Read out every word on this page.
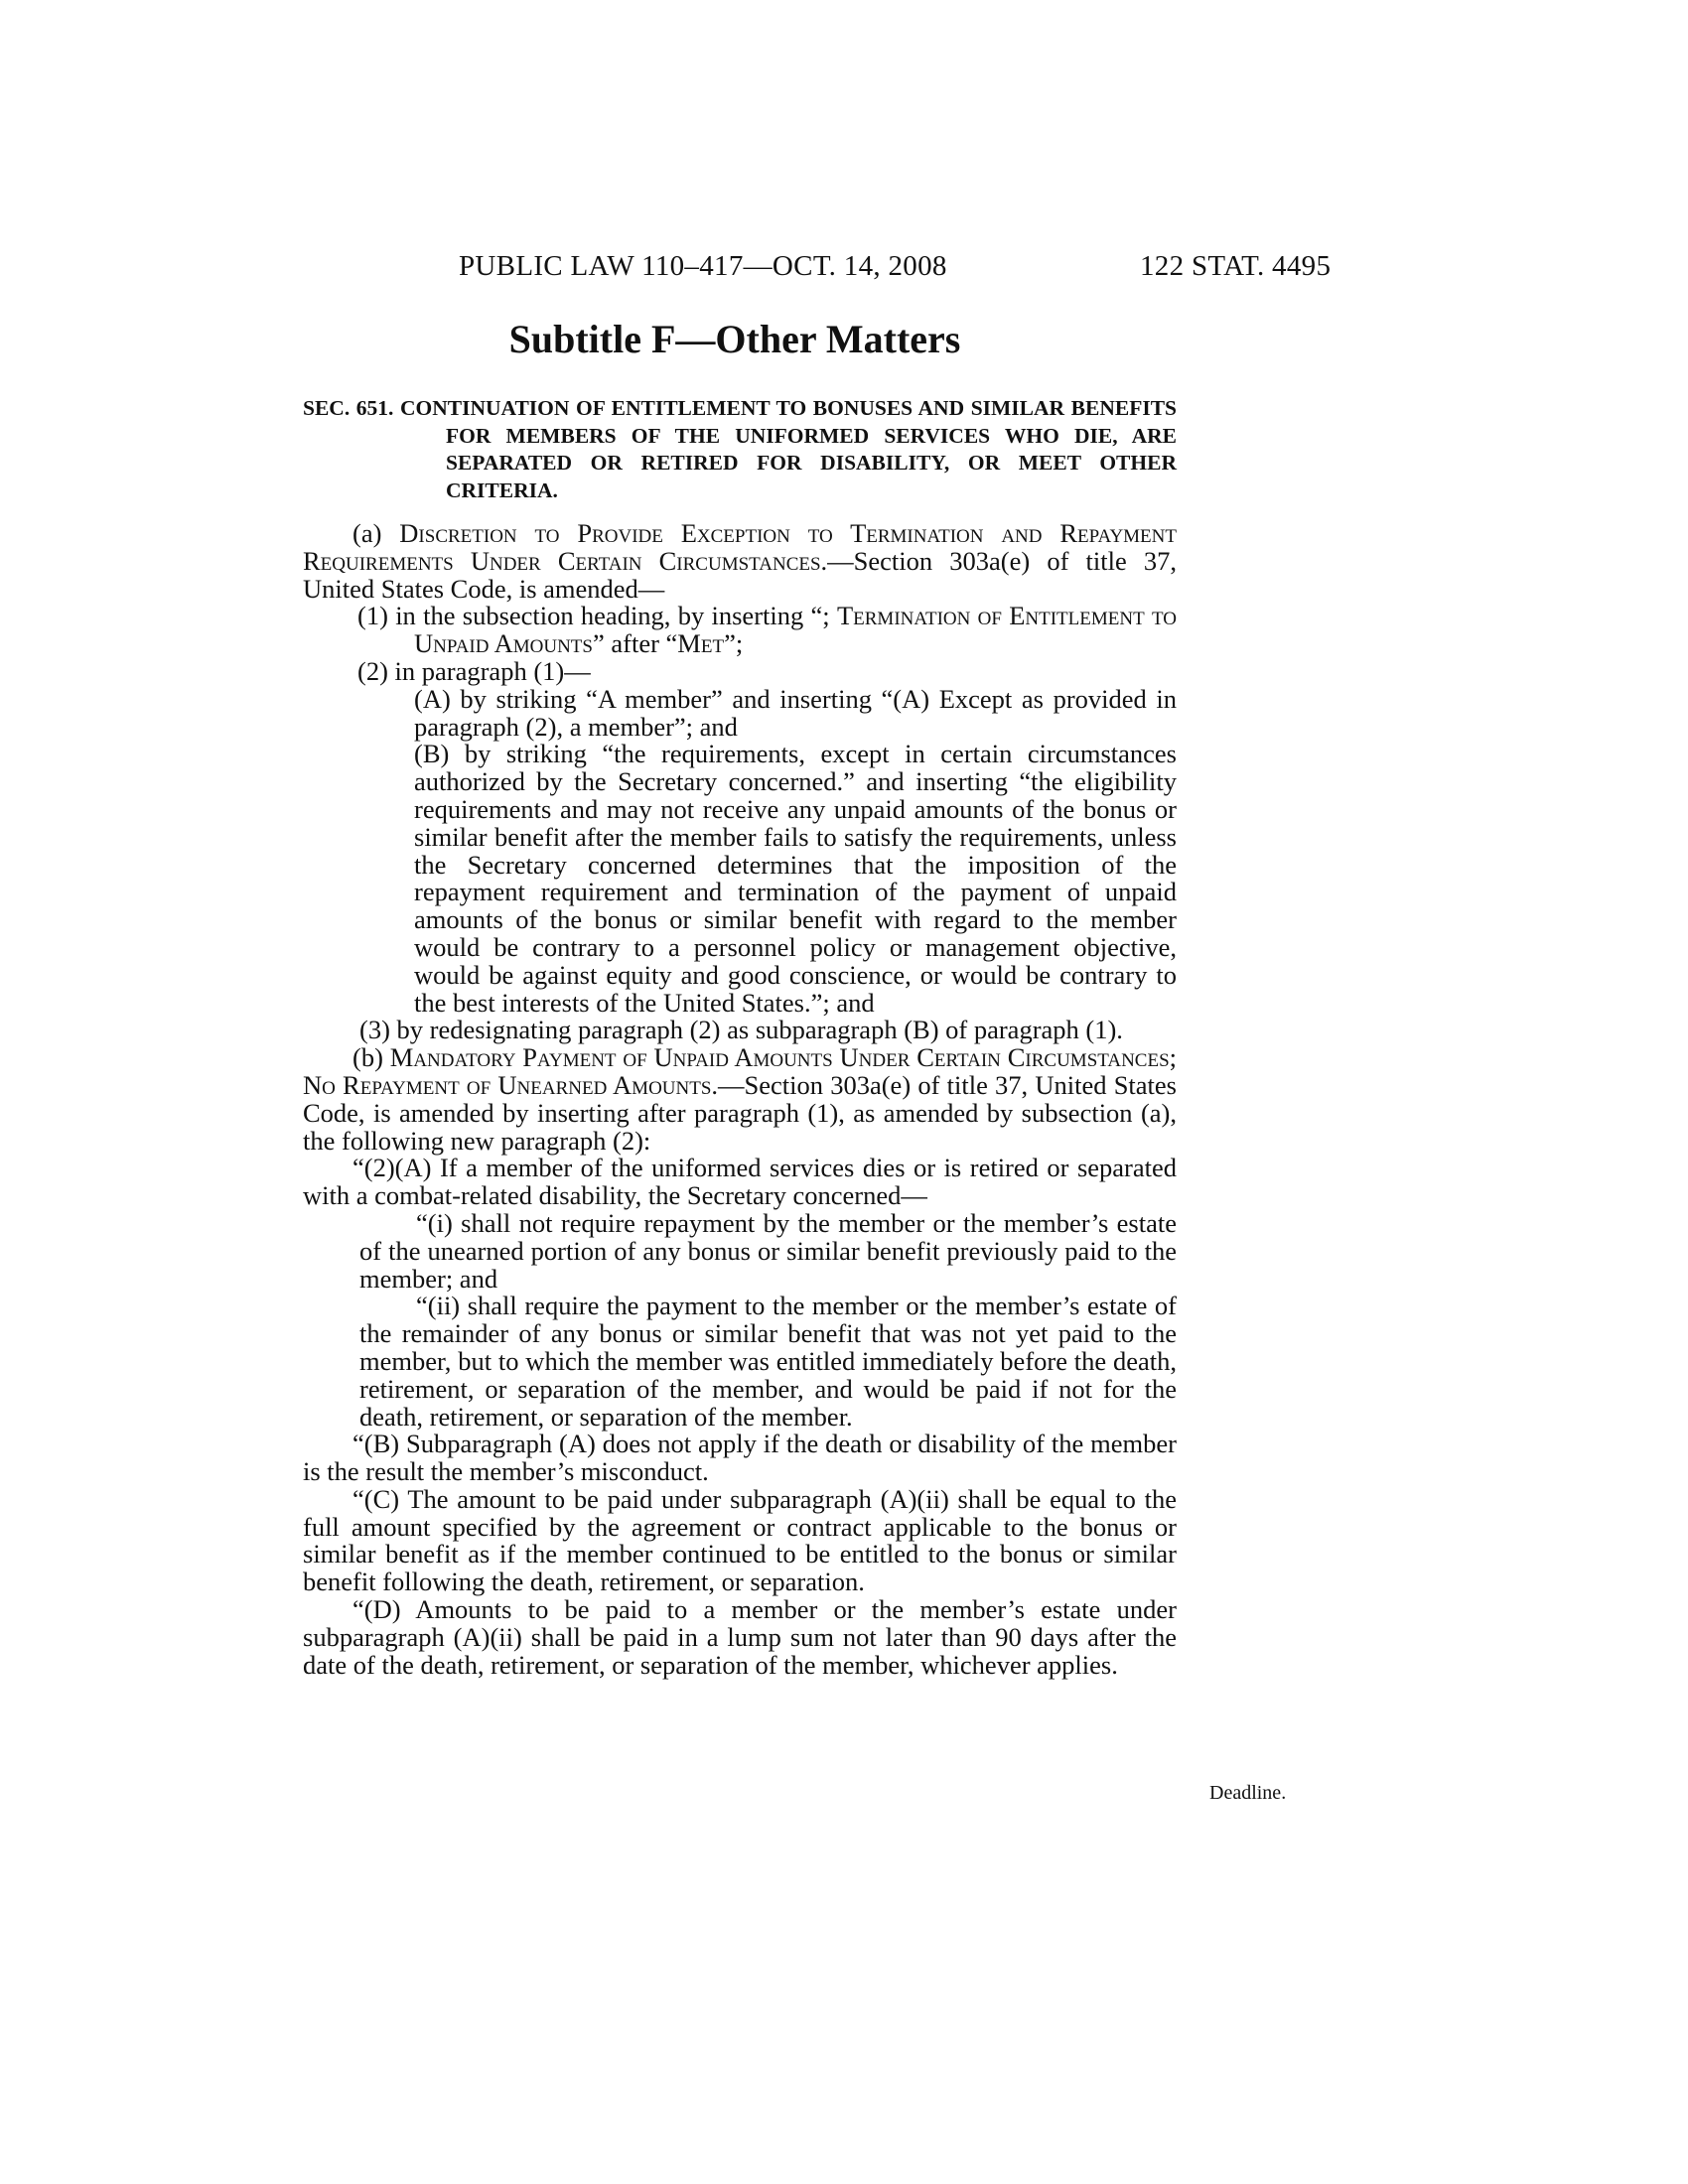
PUBLIC LAW 110–417—OCT. 14, 2008	122 STAT. 4495
Subtitle F—Other Matters

SEC. 651. CONTINUATION OF ENTITLEMENT TO BONUSES AND SIMILAR BENEFITS FOR MEMBERS OF THE UNIFORMED SERVICES WHO DIE, ARE SEPARATED OR RETIRED FOR DISABILITY, OR MEET OTHER CRITERIA.

(a) Discretion to Provide Exception to Termination and Repayment Requirements Under Certain Circumstances.—Section 303a(e) of title 37, United States Code, is amended—

(1) in the subsection heading, by inserting “; Termination of Entitlement to Unpaid Amounts” after “Met”;

(2) in paragraph (1)—

(A) by striking “A member” and inserting “(A) Except as provided in paragraph (2), a member”; and

(B) by striking “the requirements, except in certain circumstances authorized by the Secretary concerned.” and inserting “the eligibility requirements and may not receive any unpaid amounts of the bonus or similar benefit after the member fails to satisfy the requirements, unless the Secretary concerned determines that the imposition of the repayment requirement and termination of the payment of unpaid amounts of the bonus or similar benefit with regard to the member would be contrary to a personnel policy or management objective, would be against equity and good conscience, or would be contrary to the best interests of the United States.”; and

(3) by redesignating paragraph (2) as subparagraph (B) of paragraph (1).

(b) Mandatory Payment of Unpaid Amounts Under Certain Circumstances; No Repayment of Unearned Amounts.—Section 303a(e) of title 37, United States Code, is amended by inserting after paragraph (1), as amended by subsection (a), the following new paragraph (2):

“(2)(A) If a member of the uniformed services dies or is retired or separated with a combat-related disability, the Secretary concerned—

“(i) shall not require repayment by the member or the member’s estate of the unearned portion of any bonus or similar benefit previously paid to the member; and

“(ii) shall require the payment to the member or the member’s estate of the remainder of any bonus or similar benefit that was not yet paid to the member, but to which the member was entitled immediately before the death, retirement, or separation of the member, and would be paid if not for the death, retirement, or separation of the member.

“(B) Subparagraph (A) does not apply if the death or disability of the member is the result the member’s misconduct.

“(C) The amount to be paid under subparagraph (A)(ii) shall be equal to the full amount specified by the agreement or contract applicable to the bonus or similar benefit as if the member continued to be entitled to the bonus or similar benefit following the death, retirement, or separation.

“(D) Amounts to be paid to a member or the member’s estate under subparagraph (A)(ii) shall be paid in a lump sum not later than 90 days after the date of the death, retirement, or separation of the member, whichever applies.

Deadline.
